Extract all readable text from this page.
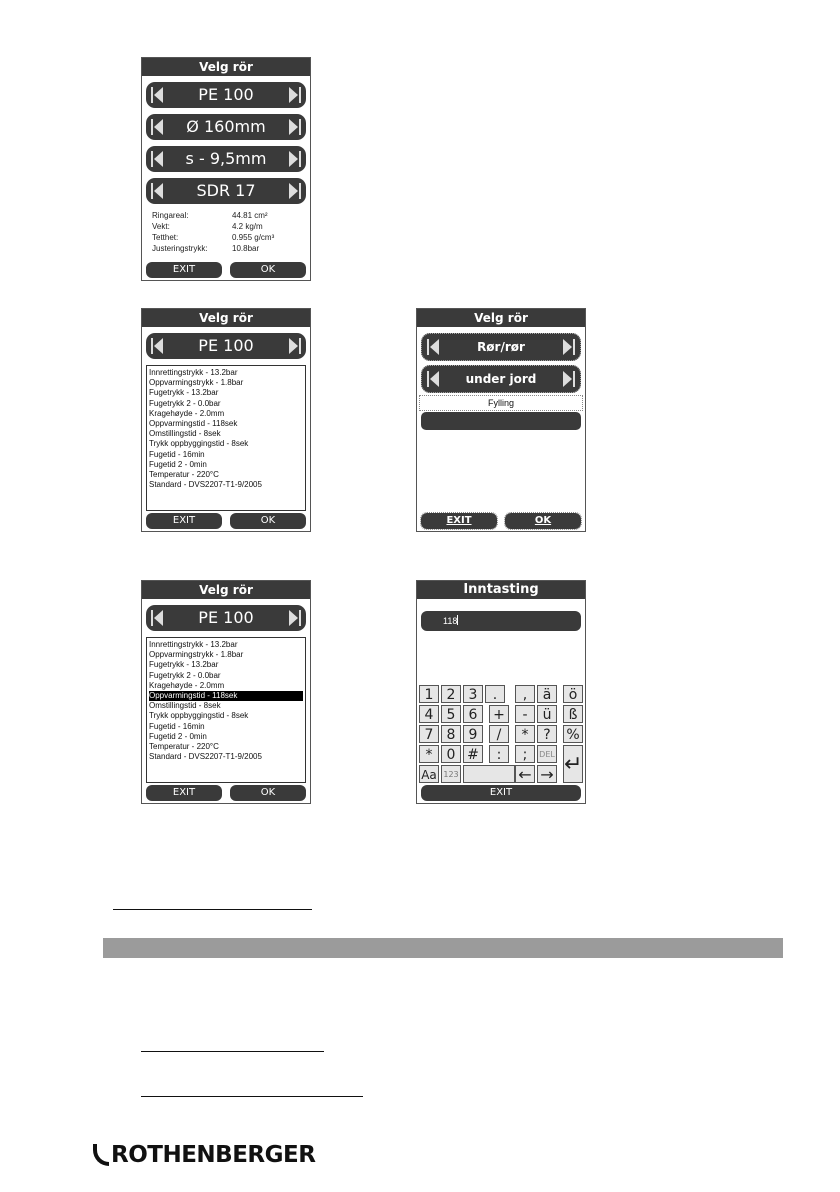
Velg rör
PE 100
Ø 160mm
s - 9,5mm
SDR 17
Ringareal:	44.81 cm²
Vekt:	4.2 kg/m
Tetthet:	0.955 g/cm³
Justeringstrykk:	10.8bar
EXIT	OK
Velg rör
PE 100
Innrettingstrykk - 13.2bar
Oppvarmingstrykk - 1.8bar
Fugetrykk - 13.2bar
Fugetrykk 2 - 0.0bar
Kragehøyde - 2.0mm
Oppvarmingstid - 118sek
Omstillingstid - 8sek
Trykk oppbyggingstid - 8sek
Fugetid - 16min
Fugetid 2 - 0min
Temperatur - 220°C
Standard - DVS2207-T1-9/2005
EXIT	OK
Velg rör
Rør/rør
under jord
Fylling
EXIT	OK
Velg rör
PE 100
Innrettingstrykk - 13.2bar
Oppvarmingstrykk - 1.8bar
Fugetrykk - 13.2bar
Fugetrykk 2 - 0.0bar
Kragehøyde - 2.0mm
Oppvarmingstid - 118sek
Omstillingstid - 8sek
Trykk oppbyggingstid - 8sek
Fugetid - 16min
Fugetid 2 - 0min
Temperatur - 220°C
Standard - DVS2207-T1-9/2005
EXIT	OK
Inntasting
118
1 2 3	.	,	ä	ö
4 5 6	+	-	ü	ß
7 8 9	/	*	?	%
*	0 #	:	;	DEL ↵
Aa 123	← →
EXIT
ROTHENBERGER
